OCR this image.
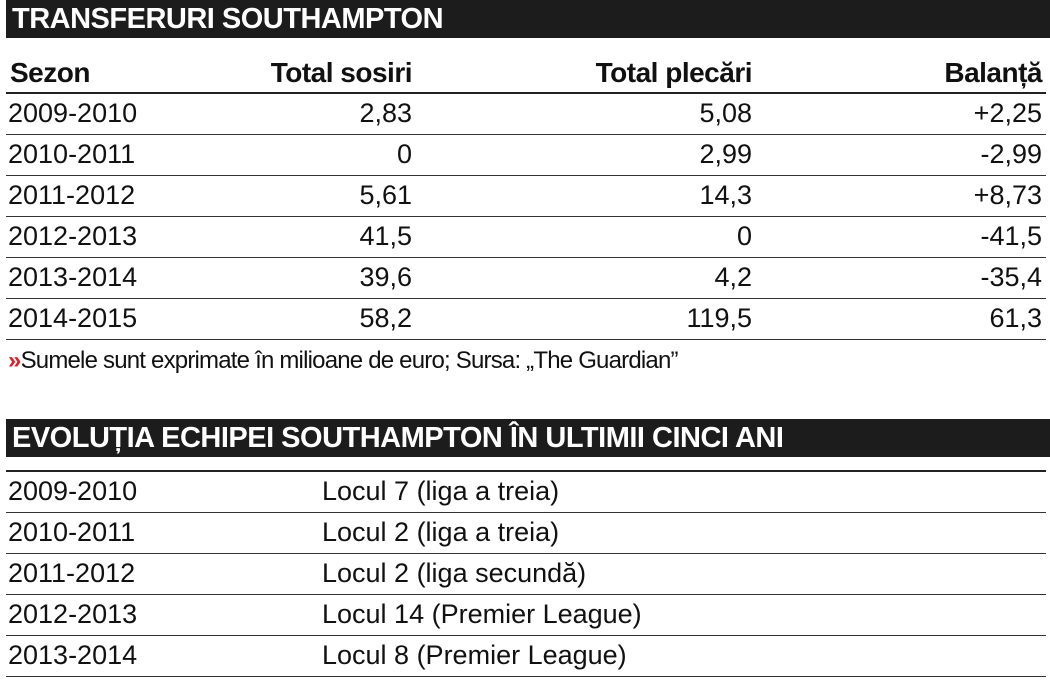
TRANSFERURI SOUTHAMPTON
Sezon	Total sosiri	Total plecări	Balanță
2009-2010	2,83	5,08	+2,25
2010-2011	0	2,99	-2,99
2011-2012	5,61	14,3	+8,73
2012-2013	41,5	0	-41,5
2013-2014	39,6	4,2	-35,4
2014-2015	58,2	119,5	61,3
»Sumele sunt exprimate în milioane de euro; Sursa: „The Guardian”
EVOLUȚIA ECHIPEI SOUTHAMPTON ÎN ULTIMII CINCI ANI
2009-2010	Locul 7 (liga a treia)
2010-2011	Locul 2 (liga a treia)
2011-2012	Locul 2 (liga secundă)
2012-2013	Locul 14 (Premier League)
2013-2014	Locul 8 (Premier League)
